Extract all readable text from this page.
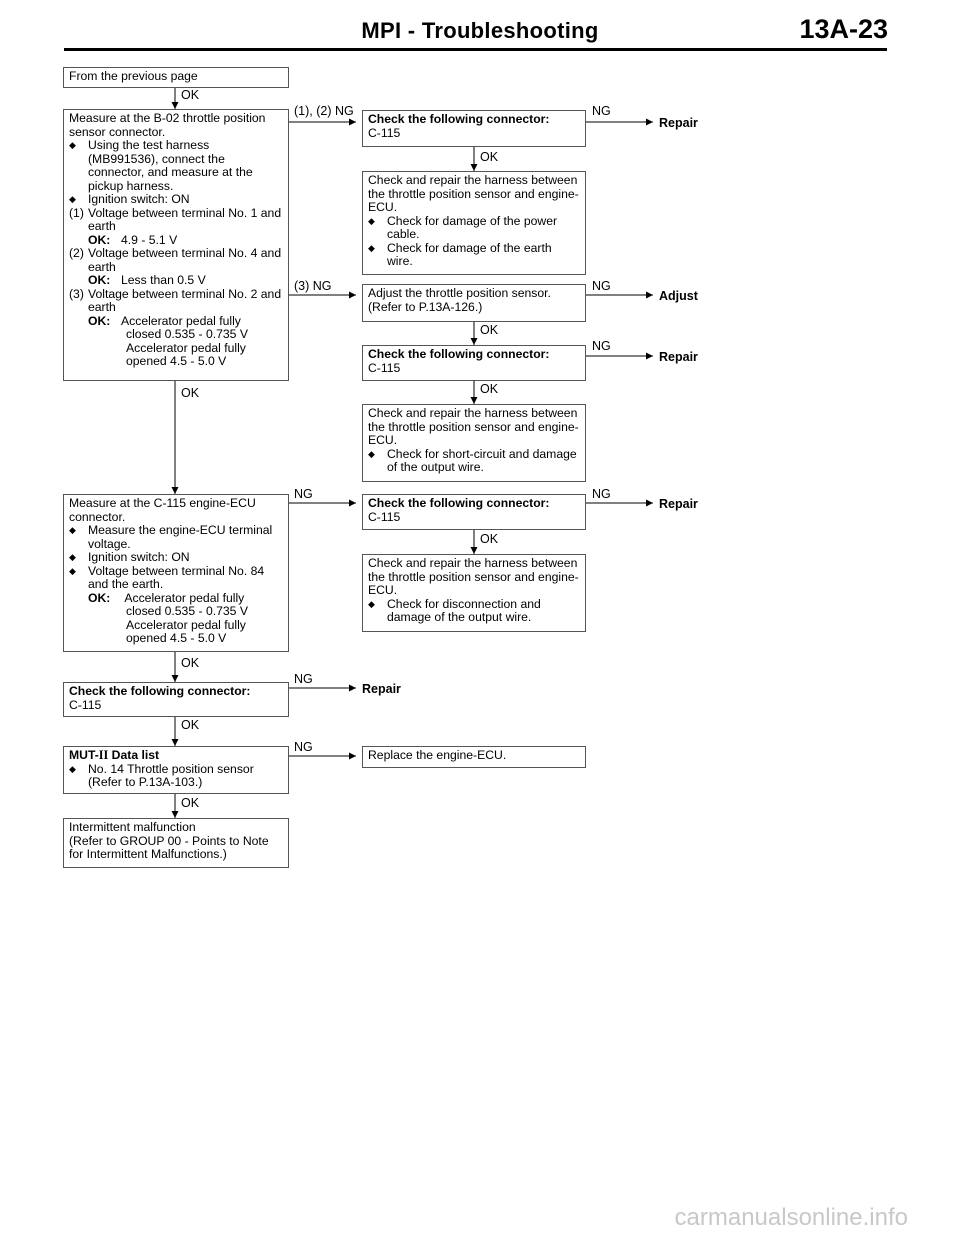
MPI - Troubleshooting	13A-23

From the previous page

Measure at the B-02 throttle position sensor connector.

◆ Using the test harness (MB991536), connect the connector, and measure at the pickup harness.

◆ Ignition switch: ON

(1) Voltage between terminal No. 1 and earth

OK: 4.9 - 5.1 V

(2) Voltage between terminal No. 4 and earth

OK: Less than 0.5 V

(3) Voltage between terminal No. 2 and earth

OK: Accelerator pedal fully

closed 0.535 - 0.735 V

Accelerator pedal fully

opened 4.5 - 5.0 V

Check the following connector:

C-115

Check and repair the harness between the throttle position sensor and engine-ECU.

◆ Check for damage of the power cable.

◆ Check for damage of the earth wire.

Adjust the throttle position sensor.

(Refer to P.13A-126.)

Check the following connector:

C-115

Check and repair the harness between the throttle position sensor and engine-ECU.

◆ Check for short-circuit and damage of the output wire.

Measure at the C-115 engine-ECU connector.

◆ Measure the engine-ECU terminal voltage.

◆ Ignition switch: ON

◆ Voltage between terminal No. 84 and the earth.

OK: Accelerator pedal fully

closed 0.535 - 0.735 V

Accelerator pedal fully

opened 4.5 - 5.0 V

Check the following connector:

C-115

Check and repair the harness between the throttle position sensor and engine-ECU.

◆ Check for disconnection and damage of the output wire.

Check the following connector:

C-115

MUT-II Data list

◆ No. 14 Throttle position sensor (Refer to P.13A-103.)

Replace the engine-ECU.

Intermittent malfunction

(Refer to GROUP 00 - Points to Note

for Intermittent Malfunctions.)

OK
(1), (2) NG	NG
OK
(3) NG	NG
OK
NG
OK
OK
NG	NG
OK
OK
NG
OK
NG
OK
Repair
Adjust
Repair
Repair
Repair
carmanualsonline.info
